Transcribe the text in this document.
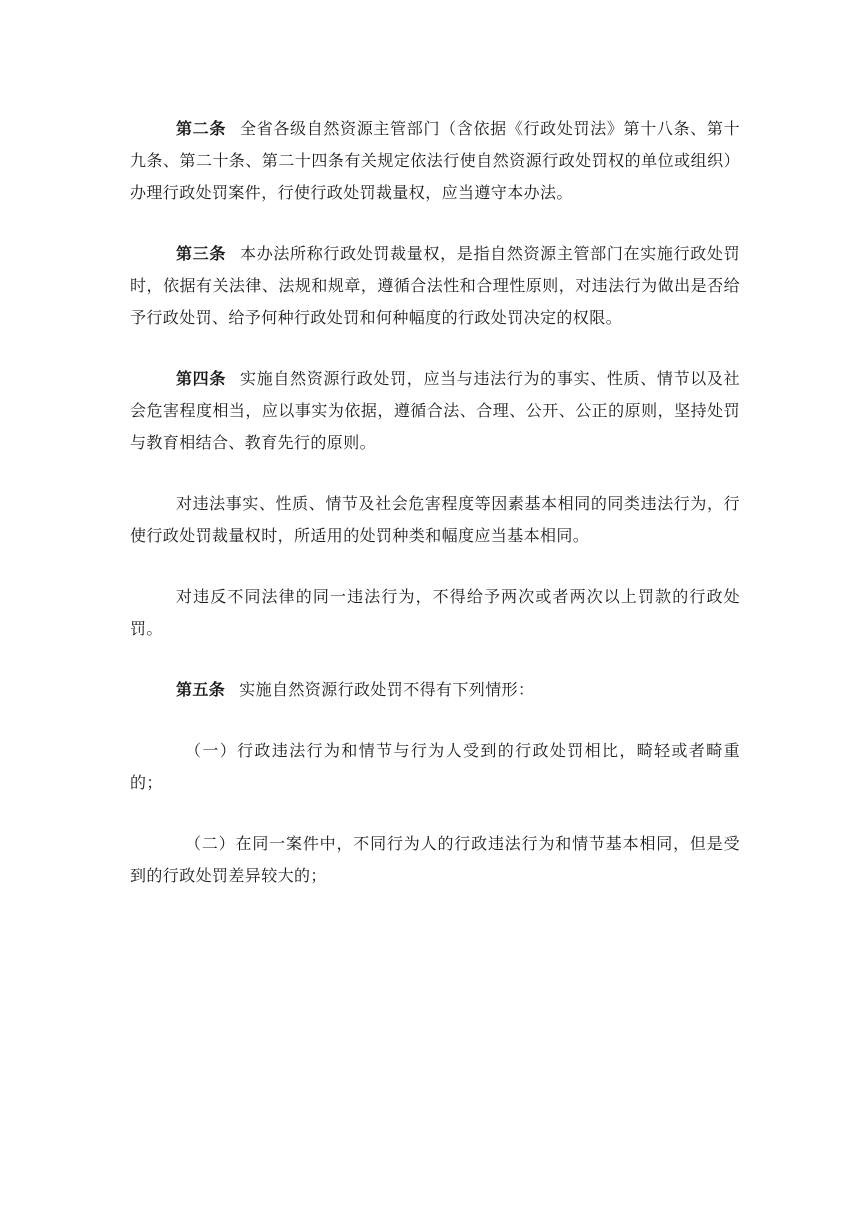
第二条 全省各级自然资源主管部门（含依据《行政处罚法》第十八条、第十九条、第二十条、第二十四条有关规定依法行使自然资源行政处罚权的单位或组织）办理行政处罚案件，行使行政处罚裁量权，应当遵守本办法。

第三条 本办法所称行政处罚裁量权，是指自然资源主管部门在实施行政处罚时，依据有关法律、法规和规章，遵循合法性和合理性原则，对违法行为做出是否给予行政处罚、给予何种行政处罚和何种幅度的行政处罚决定的权限。

第四条 实施自然资源行政处罚，应当与违法行为的事实、性质、情节以及社会危害程度相当，应以事实为依据，遵循合法、合理、公开、公正的原则，坚持处罚与教育相结合、教育先行的原则。

对违法事实、性质、情节及社会危害程度等因素基本相同的同类违法行为，行使行政处罚裁量权时，所适用的处罚种类和幅度应当基本相同。

对违反不同法律的同一违法行为，不得给予两次或者两次以上罚款的行政处罚。

第五条 实施自然资源行政处罚不得有下列情形：

（一）行政违法行为和情节与行为人受到的行政处罚相比，畸轻或者畸重的；

（二）在同一案件中，不同行为人的行政违法行为和情节基本相同，但是受到的行政处罚差异较大的；
